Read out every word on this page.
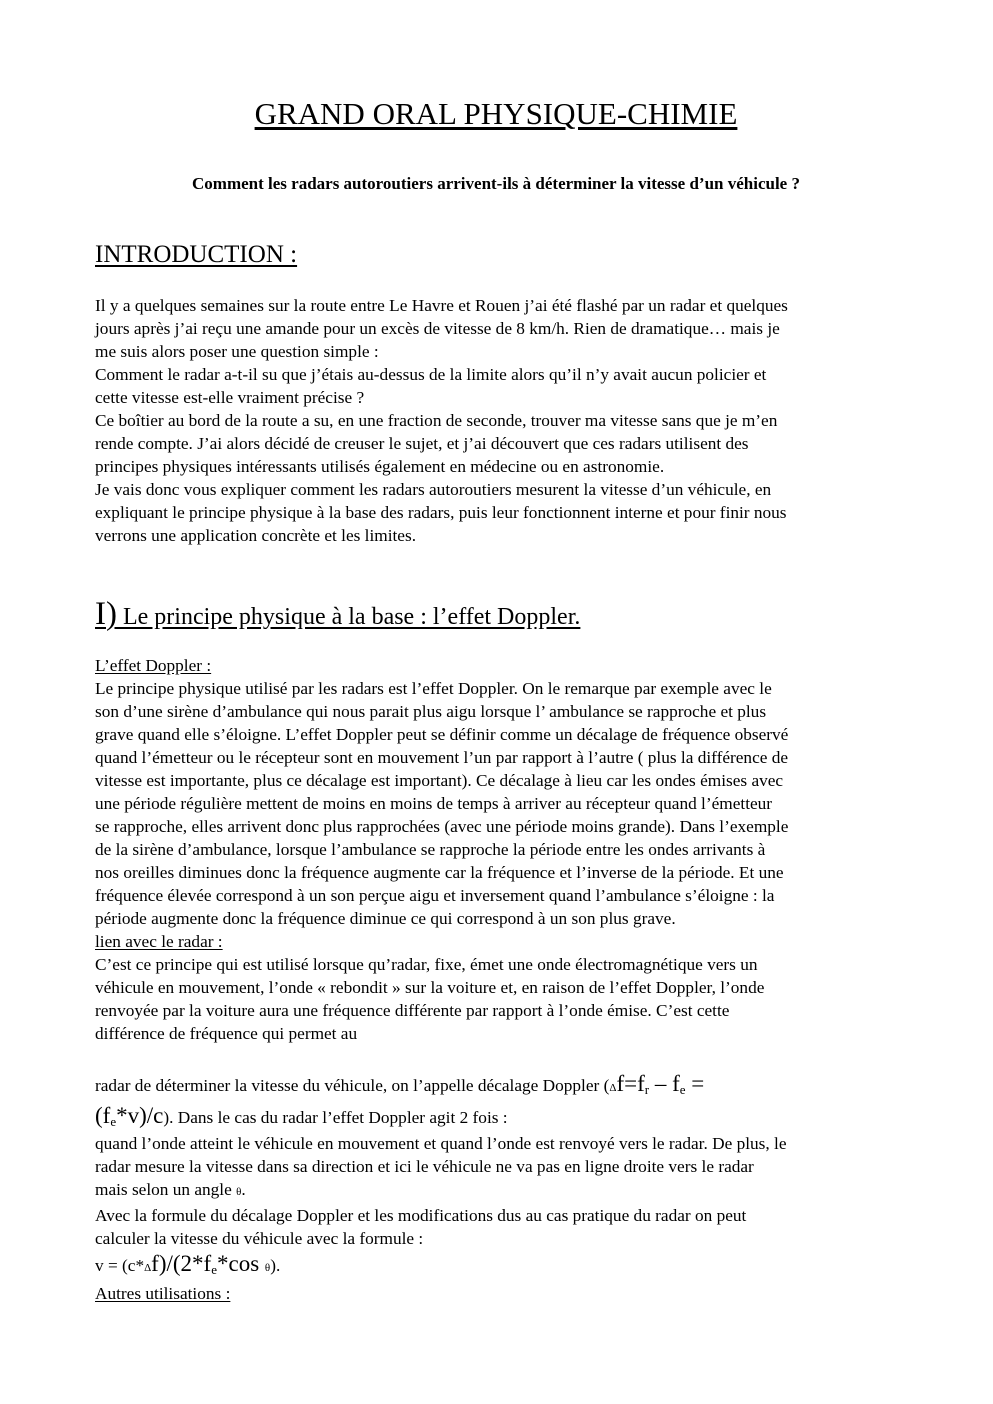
GRAND ORAL PHYSIQUE-CHIMIE
Comment les radars autoroutiers arrivent-ils à déterminer la vitesse d’un véhicule ?
INTRODUCTION :

Il y a quelques semaines sur la route entre Le Havre et Rouen j’ai été flashé par un radar et quelques

jours après j’ai reçu une amande pour un excès de vitesse de 8 km/h. Rien de dramatique… mais je

me suis alors poser une question simple :

Comment le radar a-t-il su que j’étais au-dessus de la limite alors qu’il n’y avait aucun policier et

cette vitesse est-elle vraiment précise ?

Ce boîtier au bord de la route a su, en une fraction de seconde, trouver ma vitesse sans que je m’en

rende compte. J’ai alors décidé de creuser le sujet, et j’ai découvert que ces radars utilisent des

principes physiques intéressants utilisés également en médecine ou en astronomie.

Je vais donc vous expliquer comment les radars autoroutiers mesurent la vitesse d’un véhicule, en

expliquant le principe physique à la base des radars, puis leur fonctionnent interne et pour finir nous

verrons une application concrète et les limites.

I) Le principe physique à la base : l’effet Doppler.

L’effet Doppler :

Le principe physique utilisé par les radars est l’effet Doppler. On le remarque par exemple avec le

son d’une sirène d’ambulance qui nous parait plus aigu lorsque l’ ambulance se rapproche et plus

grave quand elle s’éloigne. L’effet Doppler peut se définir comme un décalage de fréquence observé

quand l’émetteur ou le récepteur sont en mouvement l’un par rapport à l’autre ( plus la différence de

vitesse est importante, plus ce décalage est important). Ce décalage à lieu car les ondes émises avec

une période régulière mettent de moins en moins de temps à arriver au récepteur quand l’émetteur

se rapproche, elles arrivent donc plus rapprochées (avec une période moins grande). Dans l’exemple

de la sirène d’ambulance, lorsque l’ambulance se rapproche la période entre les ondes arrivants à

nos oreilles diminues donc la fréquence augmente car la fréquence et l’inverse de la période. Et une

fréquence élevée correspond à un son perçue aigu et inversement quand l’ambulance s’éloigne : la

période augmente donc la fréquence diminue ce qui correspond à un son plus grave.

lien avec le radar :

C’est ce principe qui est utilisé lorsque qu’radar, fixe, émet une onde électromagnétique vers un

véhicule en mouvement, l’onde « rebondit » sur la voiture et, en raison de l’effet Doppler, l’onde

renvoyée par la voiture aura une fréquence différente par rapport à l’onde émise. C’est cette

différence de fréquence qui permet au

radar de déterminer la vitesse du véhicule, on l’appelle décalage Doppler ($\Delta f=f_r - f_e$ =

$(f_e*v)/c$). Dans le cas du radar l’effet Doppler agit 2 fois :

quand l’onde atteint le véhicule en mouvement et quand l’onde est renvoyé vers le radar. De plus, le

radar mesure la vitesse dans sa direction et ici le véhicule ne va pas en ligne droite vers le radar

mais selon un angle θ.

Avec la formule du décalage Doppler et les modifications dus au cas pratique du radar on peut

calculer la vitesse du véhicule avec la formule :

$v = (c*\Delta f)/(2*f_e*\cos$ θ).

Autres utilisations :
